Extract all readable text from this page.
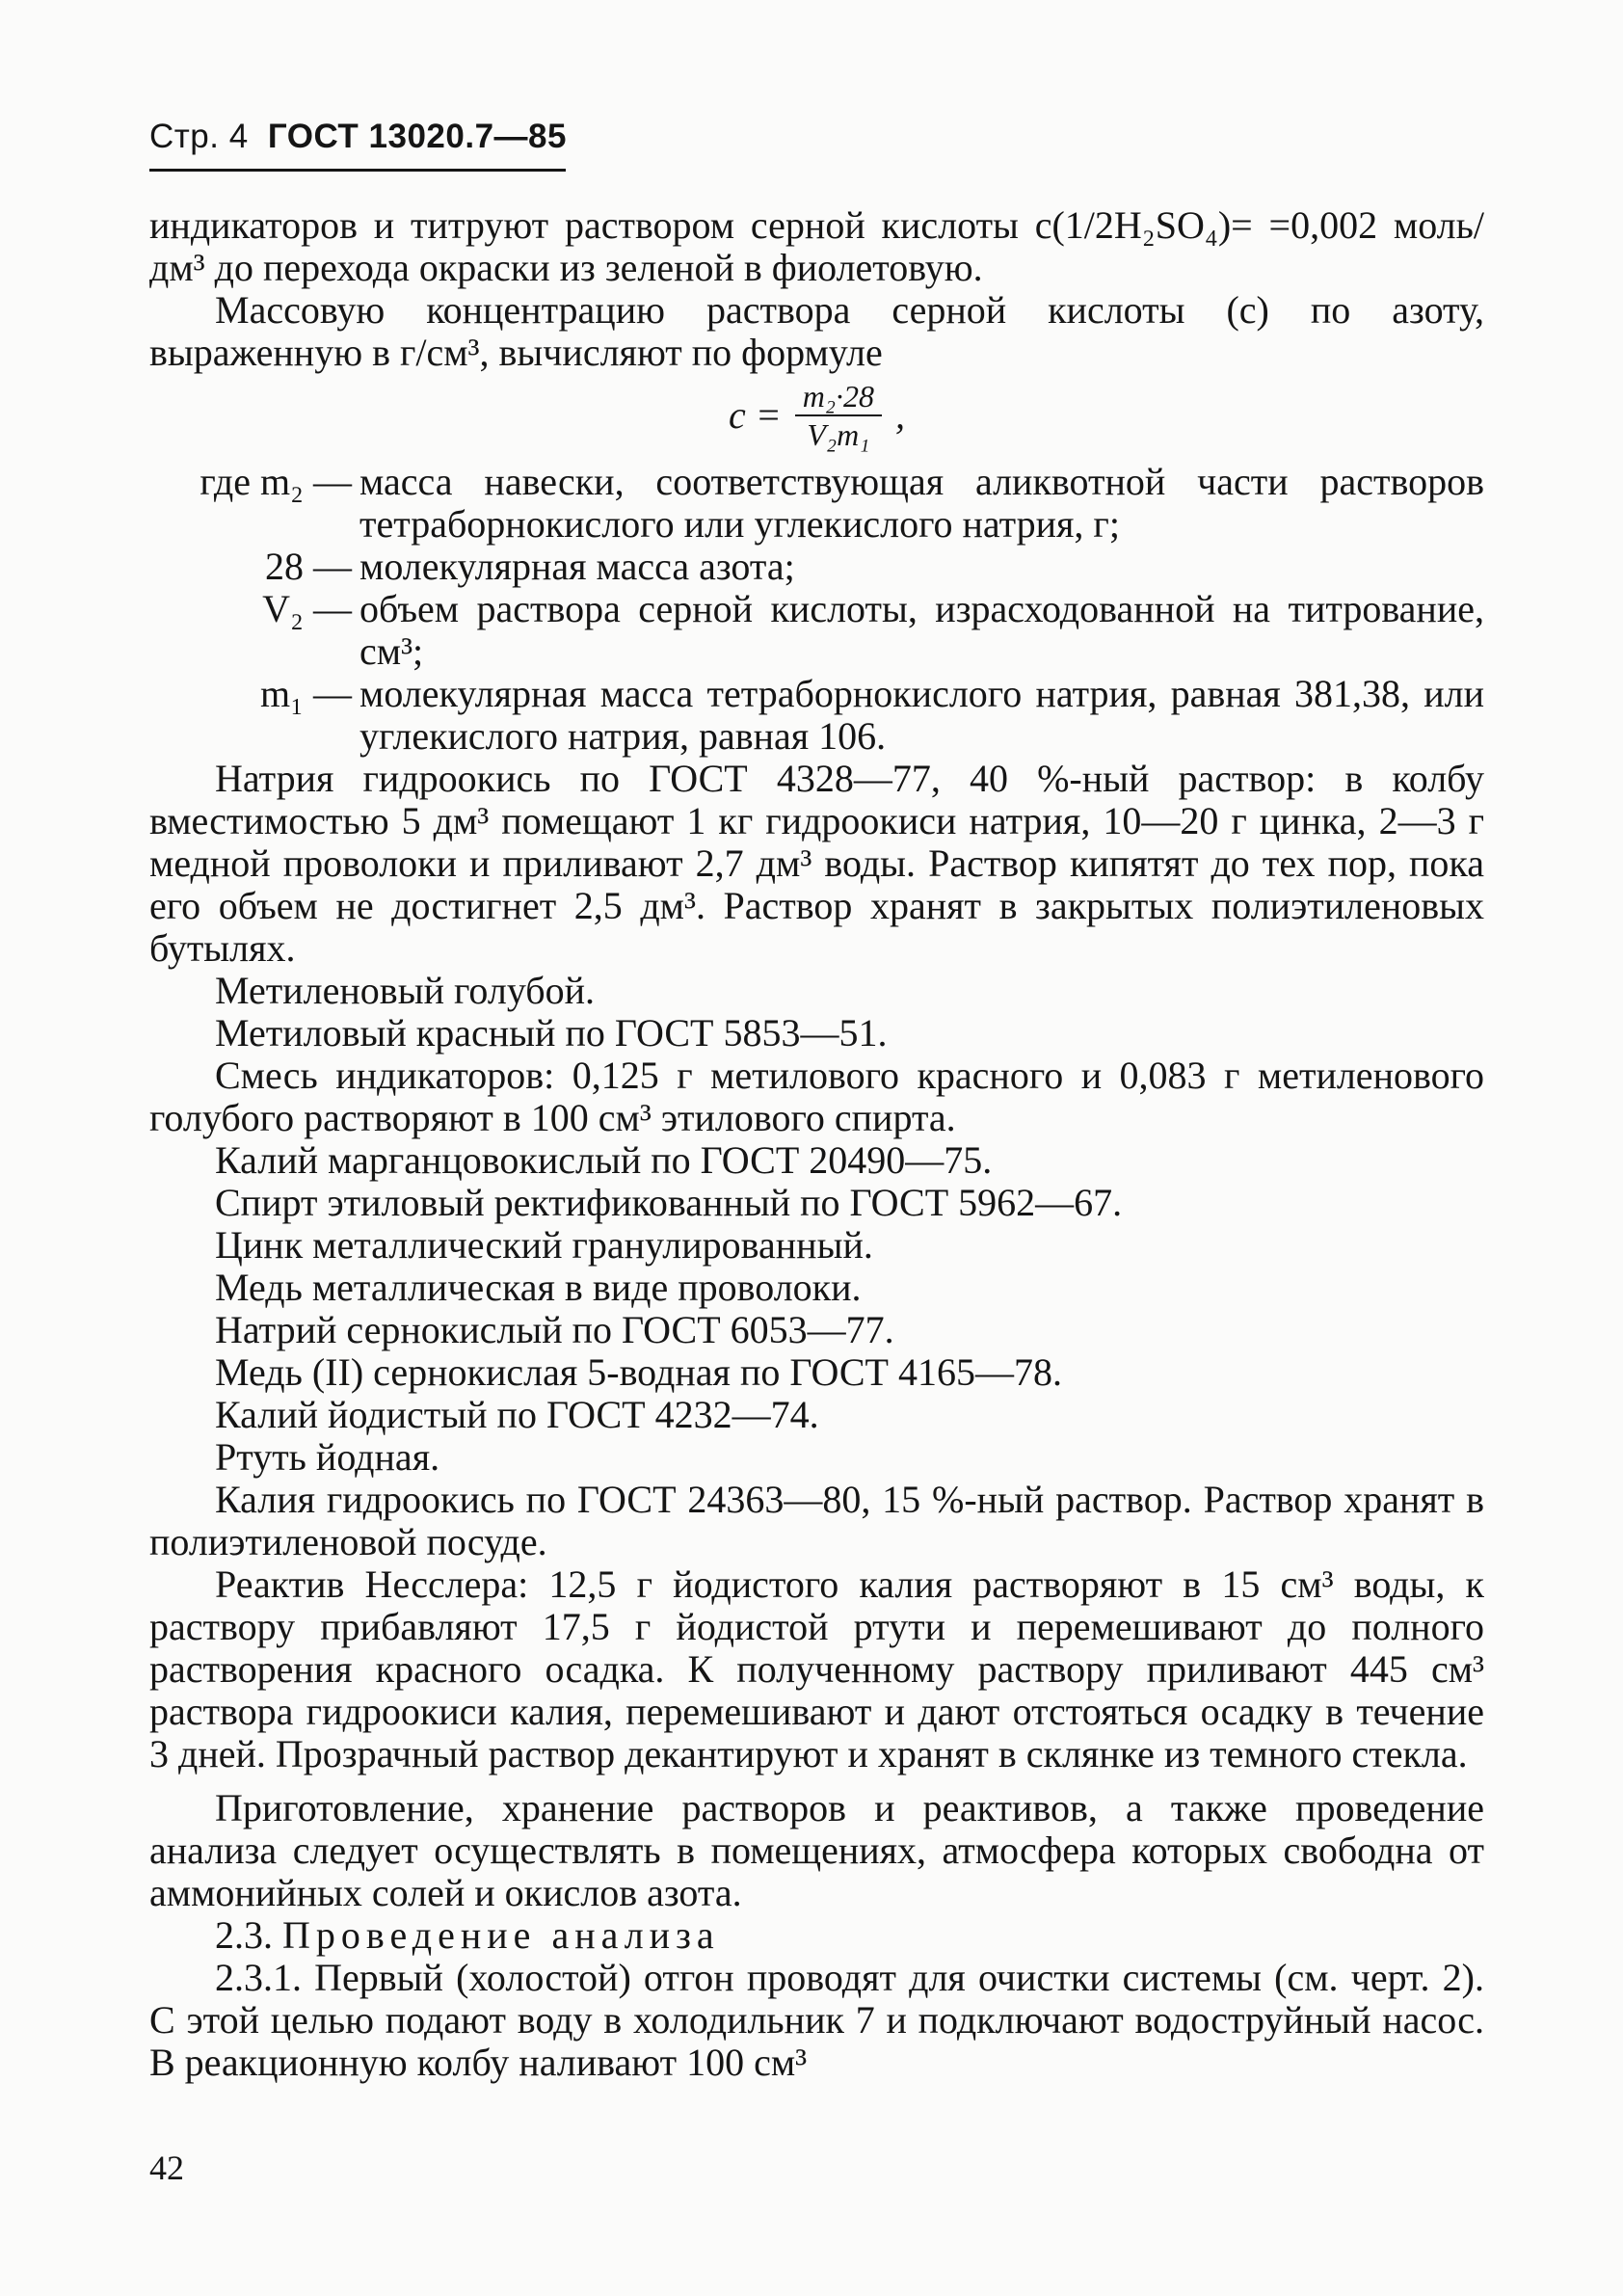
Стр. 4 ГОСТ 13020.7—85

индикаторов и титруют раствором серной кислоты c(1/2H₂SO₄)= =0,002 моль/дм³ до перехода окраски из зеленой в фиолетовую.

Массовую концентрацию раствора серной кислоты (c) по азоту, выраженную в г/см³, вычисляют по формуле

$c = \frac{\text{m₂·28}}{\text{V₂m₁}}$ ,
где m₂ — масса навески, соответствующая аликвотной части растворов тетраборнокислого или углекислого натрия, г;
28 — молекулярная масса азота;
V₂ — объем раствора серной кислоты, израсходованной на титрование, см³;
m₁ — молекулярная масса тетраборнокислого натрия, равная 381,38, или углекислого натрия, равная 106.

Натрия гидроокись по ГОСТ 4328—77, 40 %-ный раствор: в колбу вместимостью 5 дм³ помещают 1 кг гидроокиси натрия, 10—20 г цинка, 2—3 г медной проволоки и приливают 2,7 дм³ воды. Раствор кипятят до тех пор, пока его объем не достигнет 2,5 дм³. Раствор хранят в закрытых полиэтиленовых бутылях.

Метиленовый голубой.

Метиловый красный по ГОСТ 5853—51.

Смесь индикаторов: 0,125 г метилового красного и 0,083 г метиленового голубого растворяют в 100 см³ этилового спирта.

Калий марганцовокислый по ГОСТ 20490—75.

Спирт этиловый ректификованный по ГОСТ 5962—67.

Цинк металлический гранулированный.

Медь металлическая в виде проволоки.

Натрий сернокислый по ГОСТ 6053—77.

Медь (II) сернокислая 5-водная по ГОСТ 4165—78.

Калий йодистый по ГОСТ 4232—74.

Ртуть йодная.

Калия гидроокись по ГОСТ 24363—80, 15 %-ный раствор. Раствор хранят в полиэтиленовой посуде.

Реактив Несслера: 12,5 г йодистого калия растворяют в 15 см³ воды, к раствору прибавляют 17,5 г йодистой ртути и перемешивают до полного растворения красного осадка. К полученному раствору приливают 445 см³ раствора гидроокиси калия, перемешивают и дают отстояться осадку в течение 3 дней. Прозрачный раствор декантируют и хранят в склянке из темного стекла.

Приготовление, хранение растворов и реактивов, а также проведение анализа следует осуществлять в помещениях, атмосфера которых свободна от аммонийных солей и окислов азота.

2.3. Проведение анализа

2.3.1. Первый (холостой) отгон проводят для очистки системы (см. черт. 2). С этой целью подают воду в холодильник 7 и подключают водоструйный насос. В реакционную колбу наливают 100 см³

42
